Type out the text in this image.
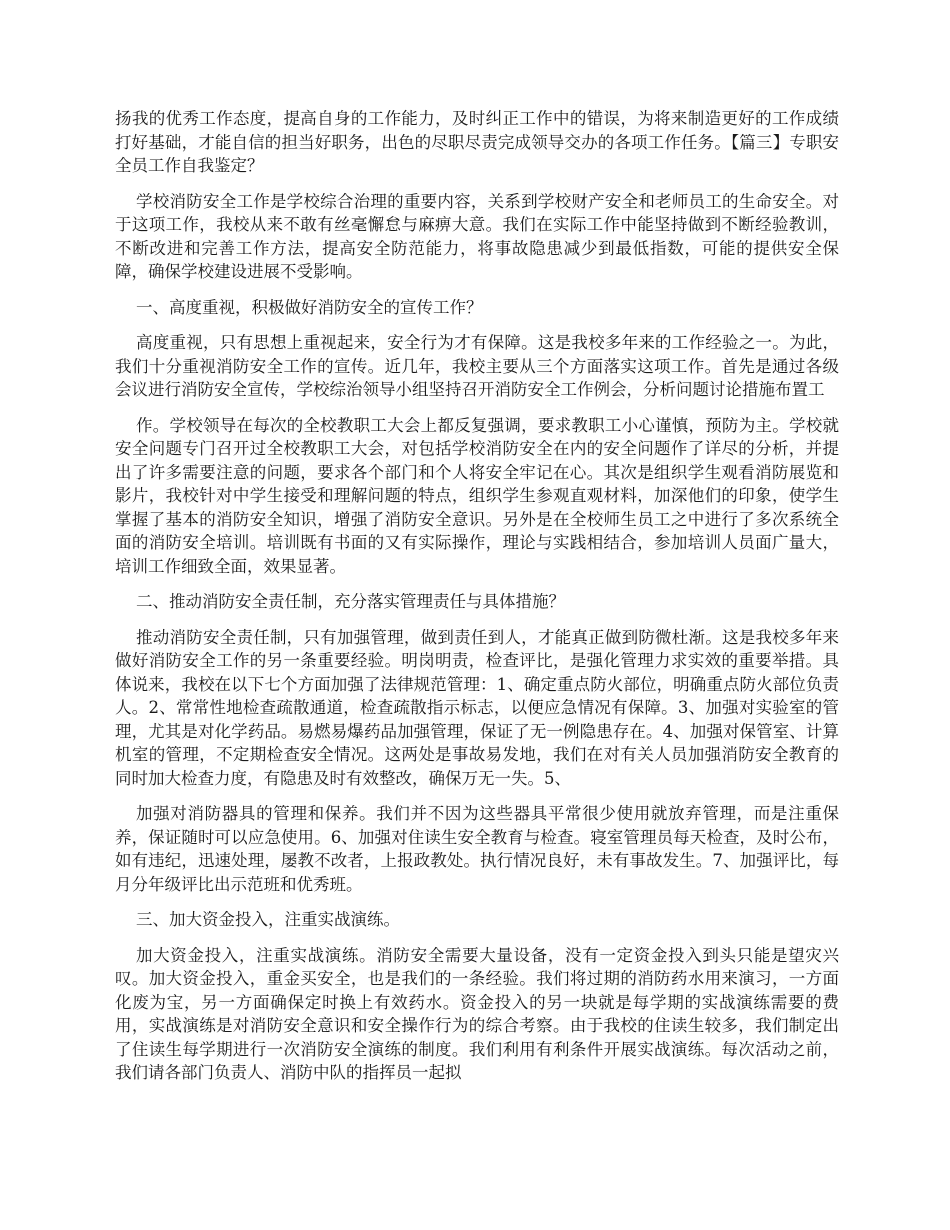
扬我的优秀工作态度，提高自身的工作能力，及时纠正工作中的错误，为将来制造更好的工作成绩打好基础，才能自信的担当好职务，出色的尽职尽责完成领导交办的各项工作任务。【篇三】专职安全员工作自我鉴定？

学校消防安全工作是学校综合治理的重要内容，关系到学校财产安全和老师员工的生命安全。对于这项工作，我校从来不敢有丝毫懈怠与麻痹大意。我们在实际工作中能坚持做到不断经验教训，不断改进和完善工作方法，提高安全防范能力，将事故隐患减少到最低指数，可能的提供安全保障，确保学校建设进展不受影响。

一、高度重视，积极做好消防安全的宣传工作？

高度重视，只有思想上重视起来，安全行为才有保障。这是我校多年来的工作经验之一。为此，我们十分重视消防安全工作的宣传。近几年，我校主要从三个方面落实这项工作。首先是通过各级会议进行消防安全宣传，学校综治领导小组坚持召开消防安全工作例会，分析问题讨论措施布置工

作。学校领导在每次的全校教职工大会上都反复强调，要求教职工小心谨慎，预防为主。学校就安全问题专门召开过全校教职工大会，对包括学校消防安全在内的安全问题作了详尽的分析，并提出了许多需要注意的问题，要求各个部门和个人将安全牢记在心。其次是组织学生观看消防展览和影片，我校针对中学生接受和理解问题的特点，组织学生参观直观材料，加深他们的印象，使学生掌握了基本的消防安全知识，增强了消防安全意识。另外是在全校师生员工之中进行了多次系统全面的消防安全培训。培训既有书面的又有实际操作，理论与实践相结合，参加培训人员面广量大，培训工作细致全面，效果显著。

二、推动消防安全责任制，充分落实管理责任与具体措施？

推动消防安全责任制，只有加强管理，做到责任到人，才能真正做到防微杜渐。这是我校多年来做好消防安全工作的另一条重要经验。明岗明责，检查评比，是强化管理力求实效的重要举措。具体说来，我校在以下七个方面加强了法律规范管理：1、确定重点防火部位，明确重点防火部位负责人。2、常常性地检查疏散通道，检查疏散指示标志，以便应急情况有保障。3、加强对实验室的管理，尤其是对化学药品。易燃易爆药品加强管理，保证了无一例隐患存在。4、加强对保管室、计算机室的管理，不定期检查安全情况。这两处是事故易发地，我们在对有关人员加强消防安全教育的同时加大检查力度，有隐患及时有效整改，确保万无一失。5、

加强对消防器具的管理和保养。我们并不因为这些器具平常很少使用就放弃管理，而是注重保养，保证随时可以应急使用。6、加强对住读生安全教育与检查。寝室管理员每天检查，及时公布，如有违纪，迅速处理，屡教不改者，上报政教处。执行情况良好，未有事故发生。7、加强评比，每月分年级评比出示范班和优秀班。

三、加大资金投入，注重实战演练。

加大资金投入，注重实战演练。消防安全需要大量设备，没有一定资金投入到头只能是望灾兴叹。加大资金投入，重金买安全，也是我们的一条经验。我们将过期的消防药水用来演习，一方面化废为宝，另一方面确保定时换上有效药水。资金投入的另一块就是每学期的实战演练需要的费用，实战演练是对消防安全意识和安全操作行为的综合考察。由于我校的住读生较多，我们制定出了住读生每学期进行一次消防安全演练的制度。我们利用有利条件开展实战演练。每次活动之前，我们请各部门负责人、消防中队的指挥员一起拟
